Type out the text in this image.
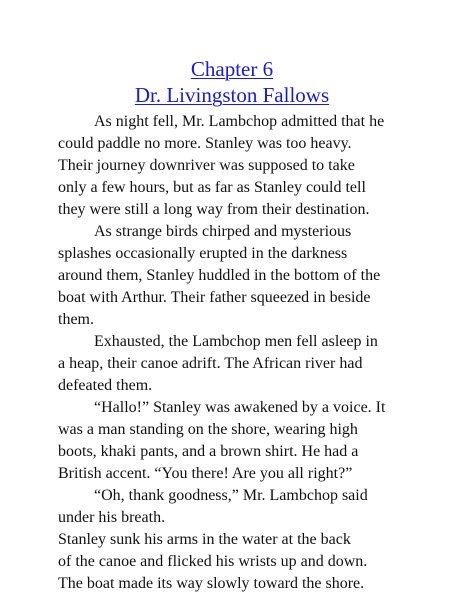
Chapter 6
Dr. Livingston Fallows
As night fell, Mr. Lambchop admitted that he
could paddle no more. Stanley was too heavy.
Their journey downriver was supposed to take
only a few hours, but as far as Stanley could tell
they were still a long way from their destination.
As strange birds chirped and mysterious
splashes occasionally erupted in the darkness
around them, Stanley huddled in the bottom of the
boat with Arthur. Their father squeezed in beside
them.
Exhausted, the Lambchop men fell asleep in
a heap, their canoe adrift. The African river had
defeated them.
“Hallo!” Stanley was awakened by a voice. It
was a man standing on the shore, wearing high
boots, khaki pants, and a brown shirt. He had a
British accent. “You there! Are you all right?”
“Oh, thank goodness,” Mr. Lambchop said
under his breath.
Stanley sunk his arms in the water at the back
of the canoe and flicked his wrists up and down.
The boat made its way slowly toward the shore.
